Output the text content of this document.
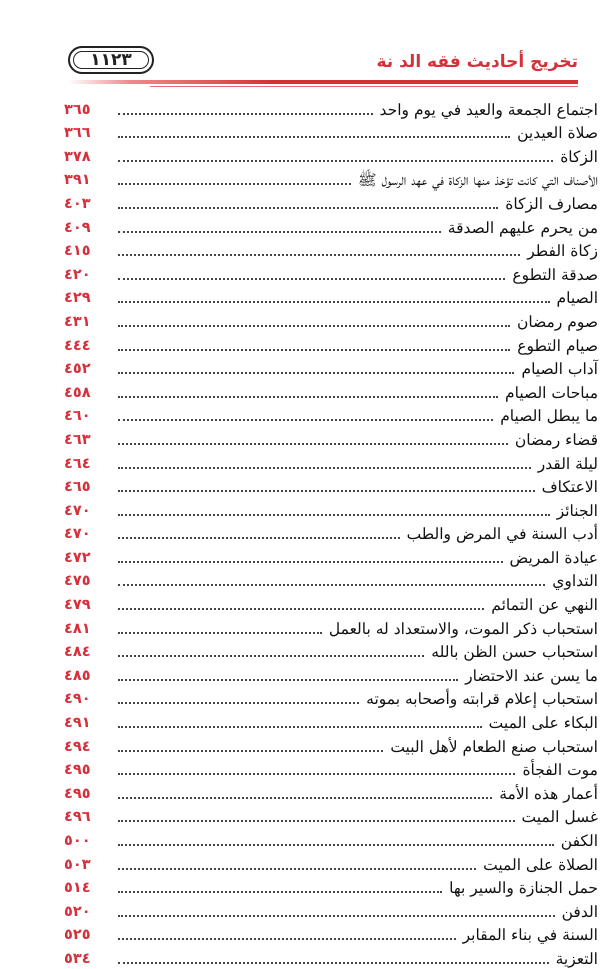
١١٢٣	تخريج أحاديث فقه الد نة
اجتماع الجمعة والعيد في يوم واحد
٣٦٥
صلاة العيدين
٣٦٦
الزكاة
٣٧٨
الأصناف التي كانت تؤخذ منها الزكاة في عهد الرسول ﷺ
٣٩١
مصارف الزكاة
٤٠٣
من يحرم عليهم الصدقة
٤٠٩
زكاة الفطر
٤١٥
صدقة التطوع
٤٢٠
الصيام
٤٢٩
صوم رمضان
٤٣١
صيام التطوع
٤٤٤
آداب الصيام
٤٥٢
مباحات الصيام
٤٥٨
ما يبطل الصيام
٤٦٠
قضاء رمضان
٤٦٣
ليلة القدر
٤٦٤
الاعتكاف
٤٦٥
الجنائز
٤٧٠
أدب السنة في المرض والطب
٤٧٠
عيادة المريض
٤٧٢
التداوي
٤٧٥
النهي عن التمائم
٤٧٩
استحباب ذكر الموت، والاستعداد له بالعمل
٤٨١
استحباب حسن الظن بالله
٤٨٤
ما يسن عند الاحتضار
٤٨٥
استحباب إعلام قرابته وأصحابه بموته
٤٩٠
البكاء على الميت
٤٩١
استحباب صنع الطعام لأهل البيت
٤٩٤
موت الفجأة
٤٩٥
أعمار هذه الأمة
٤٩٥
غسل الميت
٤٩٦
الكفن
٥٠٠
الصلاة على الميت
٥٠٣
حمل الجنازة والسير بها
٥١٤
الدفن
٥٢٠
السنة في بناء المقابر
٥٢٥
التعزية
٥٣٤
